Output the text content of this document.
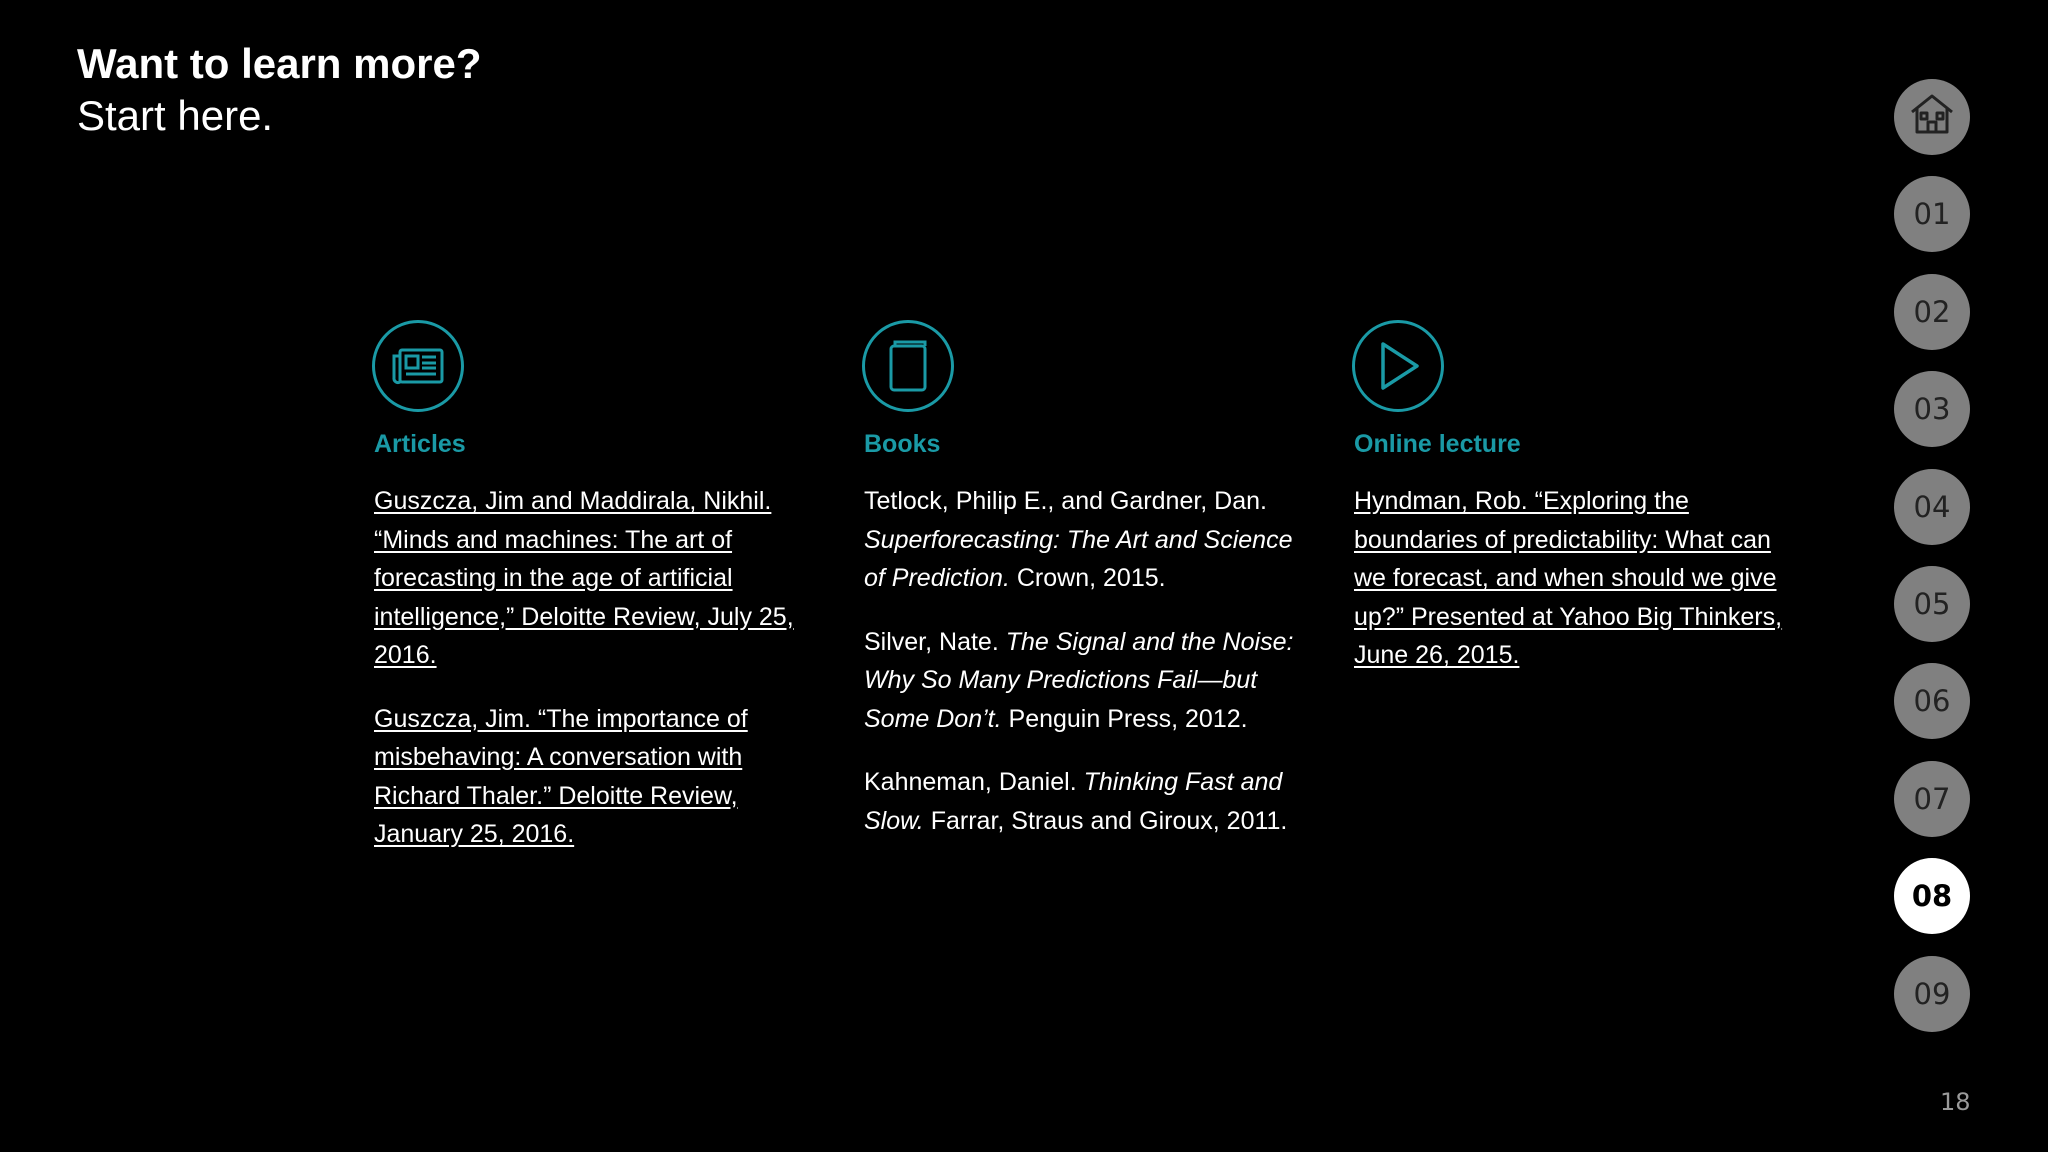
Want to learn more?
Start here.
Articles
Guszcza, Jim and Maddirala, Nikhil. “Minds and machines: The art of forecasting in the age of artificial intelligence,” Deloitte Review, July 25, 2016.
Guszcza, Jim. “The importance of misbehaving: A conversation with Richard Thaler.” Deloitte Review, January 25, 2016.
Books
Tetlock, Philip E., and Gardner, Dan. Superforecasting: The Art and Science of Prediction. Crown, 2015.
Silver, Nate. The Signal and the Noise: Why So Many Predictions Fail—but Some Don’t. Penguin Press, 2012.
Kahneman, Daniel. Thinking Fast and Slow. Farrar, Straus and Giroux, 2011.
Online lecture
Hyndman, Rob. “Exploring the boundaries of predictability: What can we forecast, and when should we give up?” Presented at Yahoo Big Thinkers, June 26, 2015.
01
02
03
04
05
06
07
08
09
18
